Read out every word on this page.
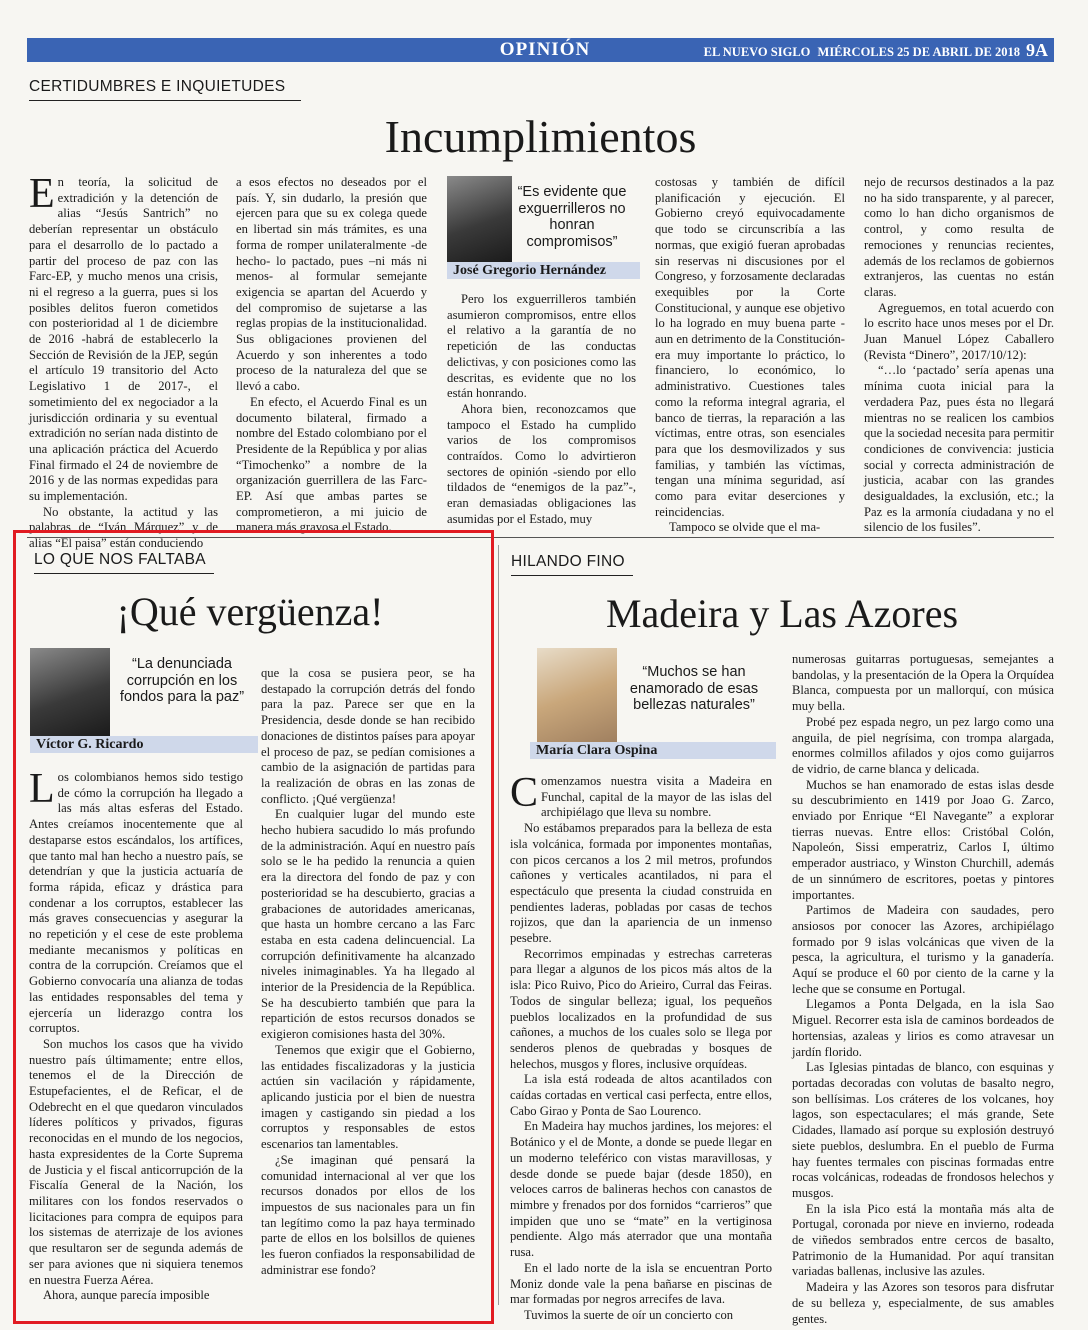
OPINIÓN	EL NUEVO SIGLO MIÉRCOLES 25 DE ABRIL DE 2018 9A
CERTIDUMBRES E INQUIETUDES
Incumplimientos

En teoría, la solicitud de extradición y la detención de alias “Jesús Santrich” no deberían representar un obstáculo para el desarrollo de lo pactado a partir del proceso de paz con las Farc-EP, y mucho menos una crisis, ni el regreso a la guerra, pues si los posibles delitos fueron cometidos con posterioridad al 1 de diciembre de 2016 -habrá de establecerlo la Sección de Revisión de la JEP, según el artículo 19 transitorio del Acto Legislativo 1 de 2017-, el sometimiento del ex negociador a la jurisdicción ordinaria y su eventual extradición no serían nada distinto de una aplicación práctica del Acuerdo Final firmado el 24 de noviembre de 2016 y de las normas expedidas para su implementación.

No obstante, la actitud y las palabras de “Iván Márquez” y de alias “El paisa” están conduciendo

a esos efectos no deseados por el país. Y, sin dudarlo, la presión que ejercen para que su ex colega quede en libertad sin más trámites, es una forma de romper unilateralmente -de hecho- lo pactado, pues –ni más ni menos- al formular semejante exigencia se apartan del Acuerdo y del compromiso de sujetarse a las reglas propias de la institucionalidad. Sus obligaciones provienen del Acuerdo y son inherentes a todo proceso de la naturaleza del que se llevó a cabo.

En efecto, el Acuerdo Final es un documento bilateral, firmado a nombre del Estado colombiano por el Presidente de la República y por alias “Timochenko” a nombre de la organización guerrillera de las Farc-EP. Así que ambas partes se comprometieron, a mi juicio de manera más gravosa el Estado.

“Es evidente que exguerrilleros no honran compromisos”
José Gregorio Hernández

Pero los exguerrilleros también asumieron compromisos, entre ellos el relativo a la garantía de no repetición de las conductas delictivas, y con posiciones como las descritas, es evidente que no los están honrando.

Ahora bien, reconozcamos que tampoco el Estado ha cumplido varios de los compromisos contraídos. Como lo advirtieron sectores de opinión -siendo por ello tildados de “enemigos de la paz”-, eran demasiadas obligaciones las asumidas por el Estado, muy

costosas y también de difícil planificación y ejecución. El Gobierno creyó equivocadamente que todo se circunscribía a las normas, que exigió fueran aprobadas sin reservas ni discusiones por el Congreso, y forzosamente declaradas exequibles por la Corte Constitucional, y aunque ese objetivo lo ha logrado en muy buena parte -aun en detrimento de la Constitución- era muy importante lo práctico, lo financiero, lo económico, lo administrativo. Cuestiones tales como la reforma integral agraria, el banco de tierras, la reparación a las víctimas, entre otras, son esenciales para que los desmovilizados y sus familias, y también las víctimas, tengan una mínima seguridad, así como para evitar deserciones y reincidencias.

Tampoco se olvide que el ma-

nejo de recursos destinados a la paz no ha sido transparente, y al parecer, como lo han dicho organismos de control, y como resulta de remociones y renuncias recientes, además de los reclamos de gobiernos extranjeros, las cuentas no están claras.

Agreguemos, en total acuerdo con lo escrito hace unos meses por el Dr. Juan Manuel López Caballero (Revista “Dinero”, 2017/10/12):

“…lo ‘pactado’ sería apenas una mínima cuota inicial para la verdadera Paz, pues ésta no llegará mientras no se realicen los cambios que la sociedad necesita para permitir condiciones de convivencia: justicia social y correcta administración de justicia, acabar con las grandes desigualdades, la exclusión, etc.; la Paz es la armonía ciudadana y no el silencio de los fusiles”.

LO QUE NOS FALTABA
¡Qué vergüenza!
“La denunciada corrupción en los fondos para la paz”
Víctor G. Ricardo

Los colombianos hemos sido testigo de cómo la corrupción ha llegado a las más altas esferas del Estado. Antes creíamos inocentemente que al destaparse estos escándalos, los artífices, que tanto mal han hecho a nuestro país, se detendrían y que la justicia actuaría de forma rápida, eficaz y drástica para condenar a los corruptos, establecer las más graves consecuencias y asegurar la no repetición y el cese de este problema mediante mecanismos y políticas en contra de la corrupción. Creíamos que el Gobierno convocaría una alianza de todas las entidades responsables del tema y ejercería un liderazgo contra los corruptos.

Son muchos los casos que ha vivido nuestro país últimamente; entre ellos, tenemos el de la Dirección de Estupefacientes, el de Reficar, el de Odebrecht en el que quedaron vinculados líderes políticos y privados, figuras reconocidas en el mundo de los negocios, hasta expresidentes de la Corte Suprema de Justicia y el fiscal anticorrupción de la Fiscalía General de la Nación, los militares con los fondos reservados o licitaciones para compra de equipos para los sistemas de aterrizaje de los aviones que resultaron ser de segunda además de ser para aviones que ni siquiera tenemos en nuestra Fuerza Aérea.

Ahora, aunque parecía imposible

que la cosa se pusiera peor, se ha destapado la corrupción detrás del fondo para la paz. Parece ser que en la Presidencia, desde donde se han recibido donaciones de distintos países para apoyar el proceso de paz, se pedían comisiones a cambio de la asignación de partidas para la realización de obras en las zonas de conflicto. ¡Qué vergüenza!

En cualquier lugar del mundo este hecho hubiera sacudido lo más profundo de la administración. Aquí en nuestro país solo se le ha pedido la renuncia a quien era la directora del fondo de paz y con posterioridad se ha descubierto, gracias a grabaciones de autoridades americanas, que hasta un hombre cercano a las Farc estaba en esta cadena delincuencial. La corrupción definitivamente ha alcanzado niveles inimaginables. Ya ha llegado al interior de la Presidencia de la República. Se ha descubierto también que para la repartición de estos recursos donados se exigieron comisiones hasta del 30%.

Tenemos que exigir que el Gobierno, las entidades fiscalizadoras y la justicia actúen sin vacilación y rápidamente, aplicando justicia por el bien de nuestra imagen y castigando sin piedad a los corruptos y responsables de estos escenarios tan lamentables.

¿Se imaginan qué pensará la comunidad internacional al ver que los recursos donados por ellos de los impuestos de sus nacionales para un fin tan legítimo como la paz haya terminado parte de ellos en los bolsillos de quienes les fueron confiados la responsabilidad de administrar ese fondo?

HILANDO FINO
Madeira y Las Azores
“Muchos se han enamorado de esas bellezas naturales”
María Clara Ospina

Comenzamos nuestra visita a Madeira en Funchal, capital de la mayor de las islas del archipiélago que lleva su nombre.

No estábamos preparados para la belleza de esta isla volcánica, formada por imponentes montañas, con picos cercanos a los 2 mil metros, profundos cañones y verticales acantilados, ni para el espectáculo que presenta la ciudad construida en pendientes laderas, pobladas por casas de techos rojizos, que dan la apariencia de un inmenso pesebre.

Recorrimos empinadas y estrechas carreteras para llegar a algunos de los picos más altos de la isla: Pico Ruivo, Pico do Arieiro, Curral das Feiras. Todos de singular belleza; igual, los pequeños pueblos localizados en la profundidad de sus cañones, a muchos de los cuales solo se llega por senderos plenos de quebradas y bosques de helechos, musgos y flores, inclusive orquídeas.

La isla está rodeada de altos acantilados con caídas cortadas en vertical casi perfecta, entre ellos, Cabo Girao y Ponta de Sao Lourenco.

En Madeira hay muchos jardines, los mejores: el Botánico y el de Monte, a donde se puede llegar en un moderno teleférico con vistas maravillosas, y desde donde se puede bajar (desde 1850), en veloces carros de balineras hechos con canastos de mimbre y frenados por dos fornidos “carrieros” que impiden que uno se “mate” en la vertiginosa pendiente. Algo más aterrador que una montaña rusa.

En el lado norte de la isla se encuentran Porto Moniz donde vale la pena bañarse en piscinas de mar formadas por negros arrecifes de lava.

Tuvimos la suerte de oír un concierto con

numerosas guitarras portuguesas, semejantes a bandolas, y la presentación de la Opera la Orquídea Blanca, compuesta por un mallorquí, con música muy bella.

Probé pez espada negro, un pez largo como una anguila, de piel negrísima, con trompa alargada, enormes colmillos afilados y ojos como guijarros de vidrio, de carne blanca y delicada.

Muchos se han enamorado de estas islas desde su descubrimiento en 1419 por Joao G. Zarco, enviado por Enrique “El Navegante” a explorar tierras nuevas. Entre ellos: Cristóbal Colón, Napoleón, Sissi emperatriz, Carlos I, último emperador austriaco, y Winston Churchill, además de un sinnúmero de escritores, poetas y pintores importantes.

Partimos de Madeira con saudades, pero ansiosos por conocer las Azores, archipiélago formado por 9 islas volcánicas que viven de la pesca, la agricultura, el turismo y la ganadería. Aquí se produce el 60 por ciento de la carne y la leche que se consume en Portugal.

Llegamos a Ponta Delgada, en la isla Sao Miguel. Recorrer esta isla de caminos bordeados de hortensias, azaleas y lirios es como atravesar un jardín florido.

Las Iglesias pintadas de blanco, con esquinas y portadas decoradas con volutas de basalto negro, son bellísimas. Los cráteres de los volcanes, hoy lagos, son espectaculares; el más grande, Sete Cidades, llamado así porque su explosión destruyó siete pueblos, deslumbra. En el pueblo de Furma hay fuentes termales con piscinas formadas entre rocas volcánicas, rodeadas de frondosos helechos y musgos.

En la isla Pico está la montaña más alta de Portugal, coronada por nieve en invierno, rodeada de viñedos sembrados entre cercos de basalto, Patrimonio de la Humanidad. Por aquí transitan variadas ballenas, inclusive las azules.

Madeira y las Azores son tesoros para disfrutar de su belleza y, especialmente, de sus amables gentes.
